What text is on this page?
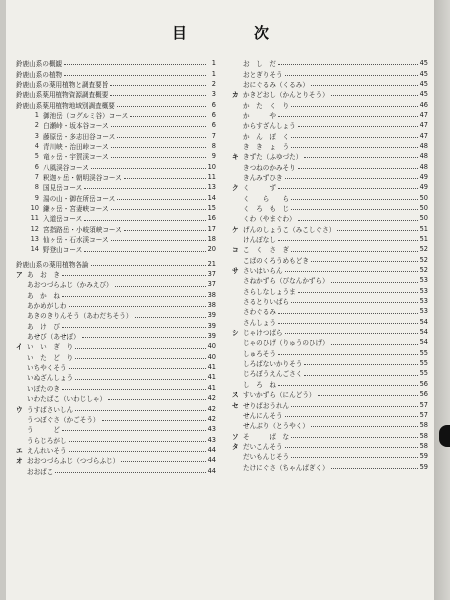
目	次
鈴鹿山系の概観	1
鈴鹿山系の植物	1
鈴鹿山系の薬用植物と調査要旨	2
鈴鹿山系薬用植物資源調査概要	3
鈴鹿山系薬用植物地域別調査概要	6
1 御池岳（コグルミ谷）コース	6
2 白瀬峠・坂本谷コース	6
3 藤原岳・多志田谷コース	7
4 青川峡・治田峠コース	8
5 竜ヶ岳・宇賀渓コース	9
6 八風渓谷コース	10
7 釈迦ヶ岳・朝明渓谷コース	11
8 国見岳コース	13
9 湯の山・御在所岳コース	14
10 鎌ヶ岳・宮妻峡コース	15
11 入道岳コース	16
12 宮指路岳・小岐須峡コース	17
13 仙ヶ岳・石水渓コース	18
14 野登山コース	20
鈴鹿山系の薬用植物各論	21
ア あ　お　き	37
あおつづらふじ（かみえび）	37
あ　か　ね	38
あかめがしわ	38
あきのきりんそう（あわだちそう）	39
あ　け　び	39
あせび（あせぼ）	39
イ い　い　ぎ　り	40
い　た　ど　り	40
いちやくそう	41
いぬざんしょう	41
いぼたのき	41
いわたばこ（いわじしゃ）	42
ウ うすばさいしん	42
うつぼぐさ（かごそう）	42
う　　　ど	43
うらじろがし	43
エ えんれいそう	44
オ おおつづらふじ（つづらふじ）	44
おおばこ	44
お　し　だ	45
おとぎりそう	45
おにぐるみ（くるみ）	45
カ かきどおし（かんとりそう）	45
か　た　く　り	46
か　　　や	47
からすざんしょう	47
か　ん　ぼ　く	47
き　き　ょ　う	48
キ きずた（ふゆづた）	48
きつねのかみそり	48
きんみずひき	49
ク く　　　ず	49
く　　ら　　ら	50
く　ろ　も　じ	50
くわ（やまぐわ）	50
ケ げんのしょうこ（みこしぐさ）	51
けんぽなし	51
コ こ　く　さ　ぎ	52
こばのくろうめもどき	52
サ さいはいらん	52
さねかずら（びなんかずら）	53
さらしなしょうま	53
さるとりいばら	53
さわぐるみ	53
さんしょう	54
シ じゃけつばら	54
じゃのひげ（りゅうのひげ）	54
しゅろそう	55
しろばないかりそう	55
じろぼうえんごさく	55
し　ろ　ね	56
ス すいかずら（にんどう）	56
セ せりばおうれん	57
せんにんそう	57
せんぶり（とうやく）	58
ソ そ　　　ば　な	58
タ だいこんそう	58
だいもんじそう	59
たけにぐさ（ちゃんばぎく）	59
